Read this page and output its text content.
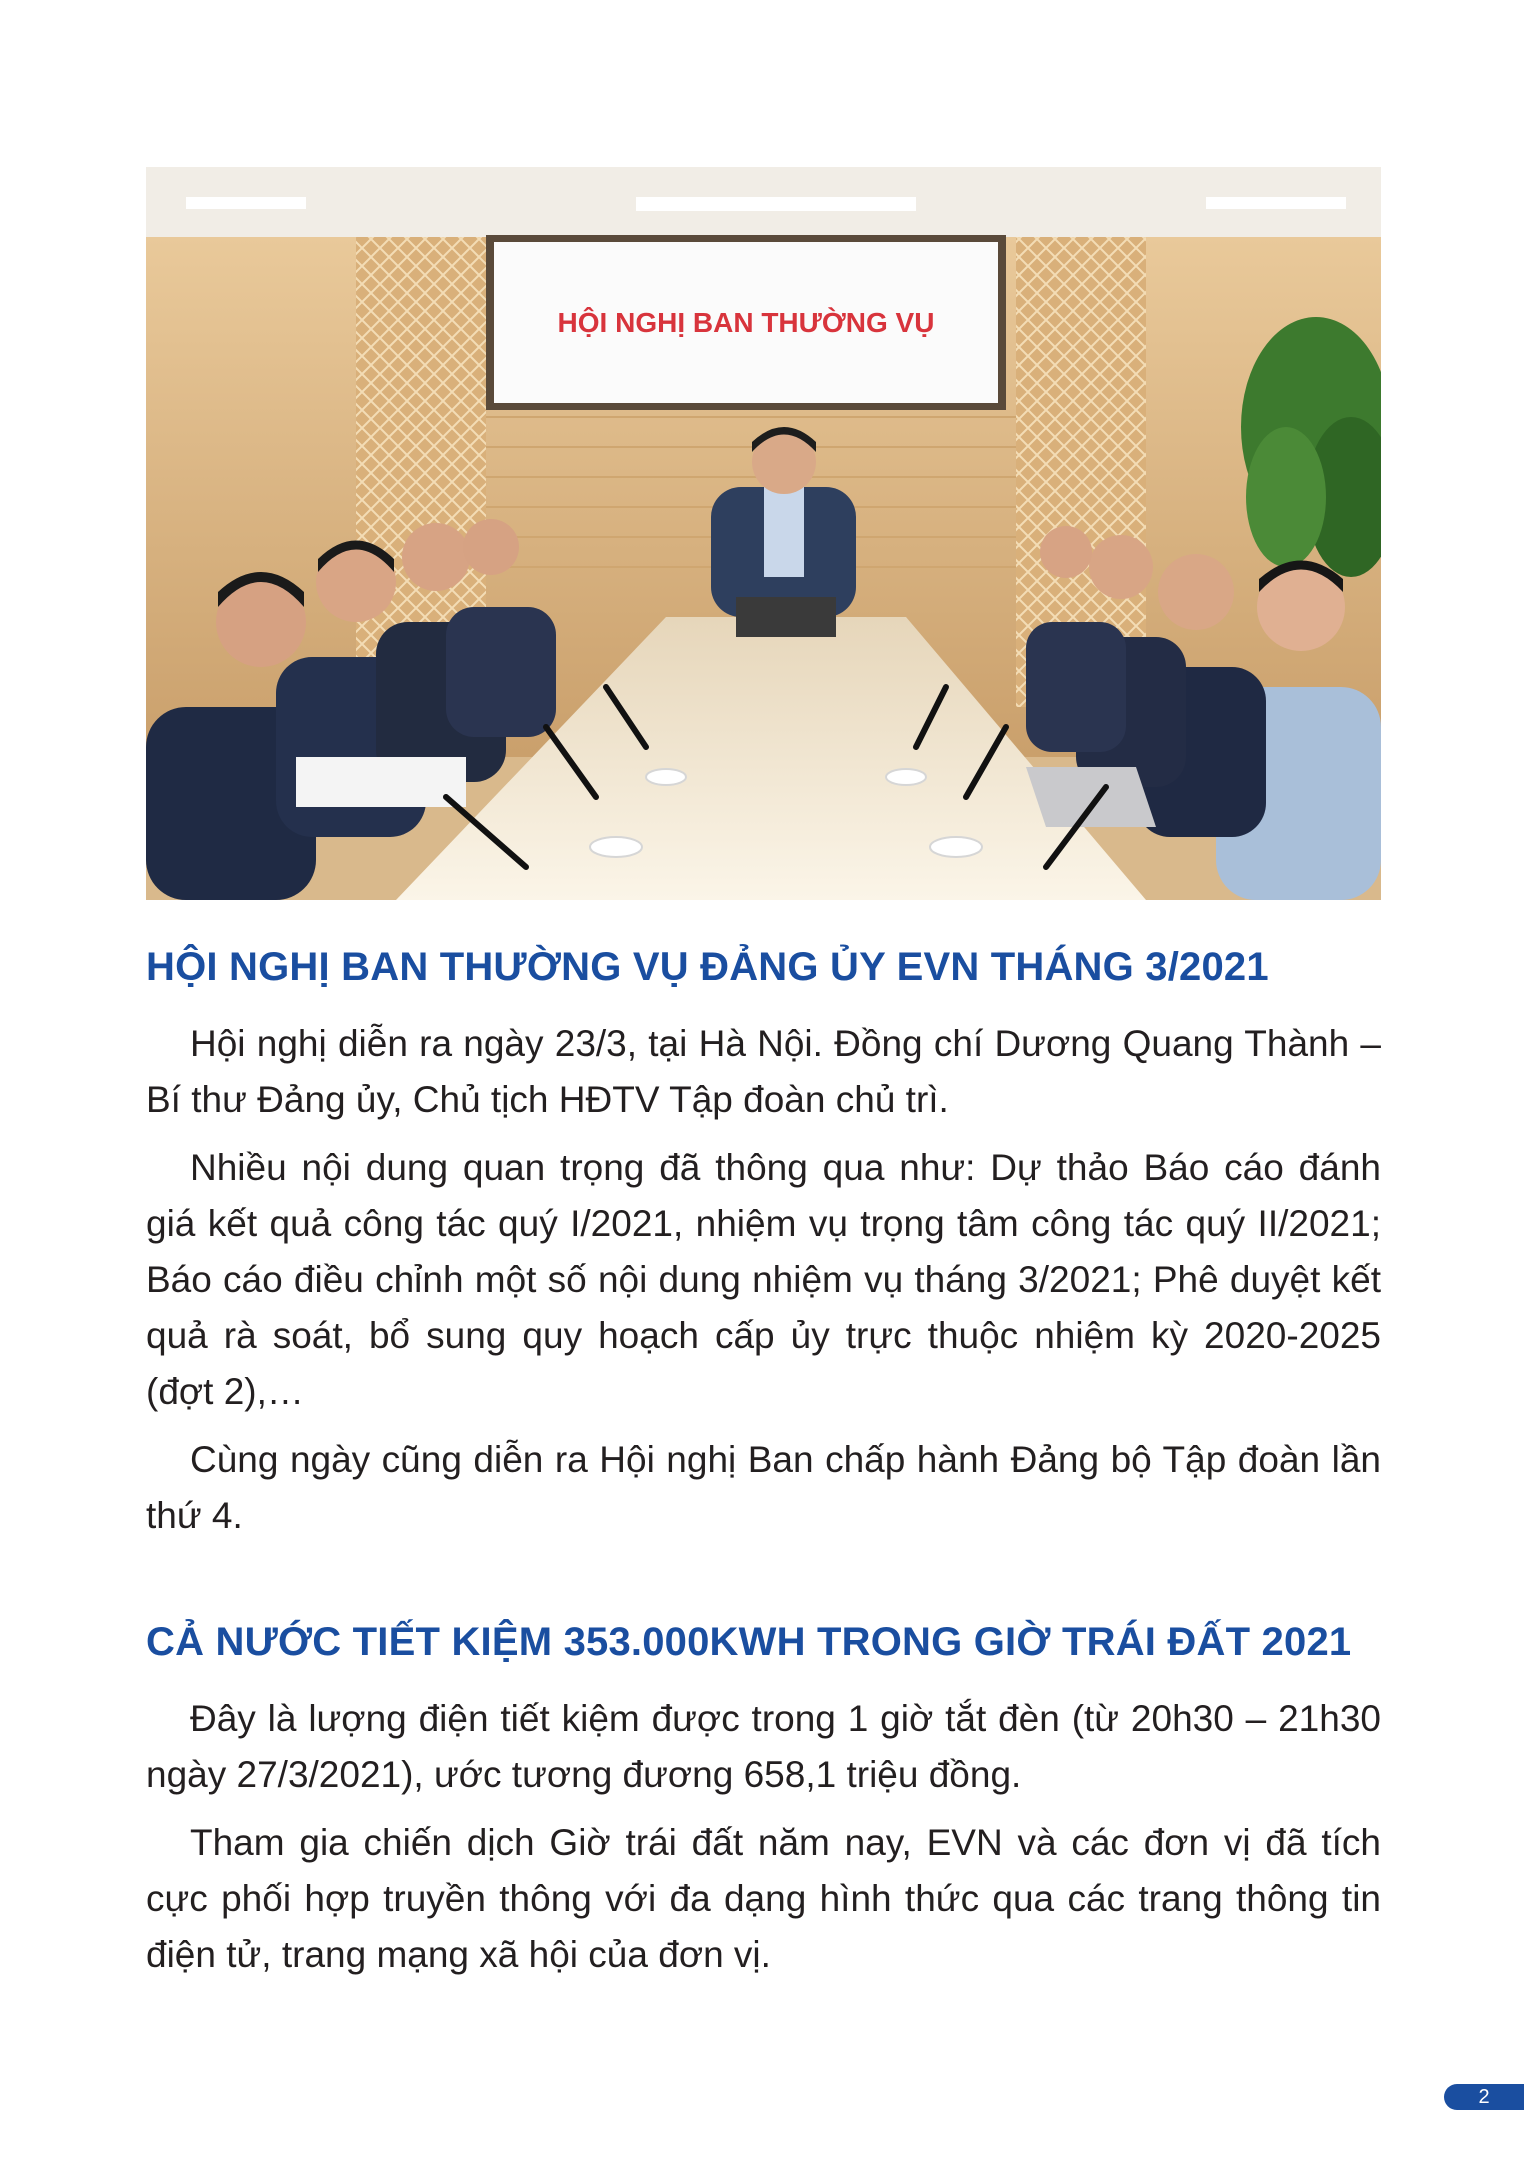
HỘI NGHỊ BAN THƯỜNG VỤ
HỘI NGHỊ BAN THƯỜNG VỤ ĐẢNG ỦY EVN THÁNG 3/2021

Hội nghị diễn ra ngày 23/3, tại Hà Nội. Đồng chí Dương Quang Thành – Bí thư Đảng ủy, Chủ tịch HĐTV Tập đoàn chủ trì.

Nhiều nội dung quan trọng đã thông qua như: Dự thảo Báo cáo đánh giá kết quả công tác quý I/2021, nhiệm vụ trọng tâm công tác quý II/2021; Báo cáo điều chỉnh một số nội dung nhiệm vụ tháng 3/2021; Phê duyệt kết quả rà soát, bổ sung quy hoạch cấp ủy trực thuộc nhiệm kỳ 2020-2025 (đợt 2),…

Cùng ngày cũng diễn ra Hội nghị Ban chấp hành Đảng bộ Tập đoàn lần thứ 4.

CẢ NƯỚC TIẾT KIỆM 353.000KWH TRONG GIỜ TRÁI ĐẤT 2021

Đây là lượng điện tiết kiệm được trong 1 giờ tắt đèn (từ 20h30 – 21h30 ngày 27/3/2021), ước tương đương 658,1 triệu đồng.

Tham gia chiến dịch Giờ trái đất năm nay, EVN và các đơn vị đã tích cực phối hợp truyền thông với đa dạng hình thức qua các trang thông tin điện tử, trang mạng xã hội của đơn vị.

2
